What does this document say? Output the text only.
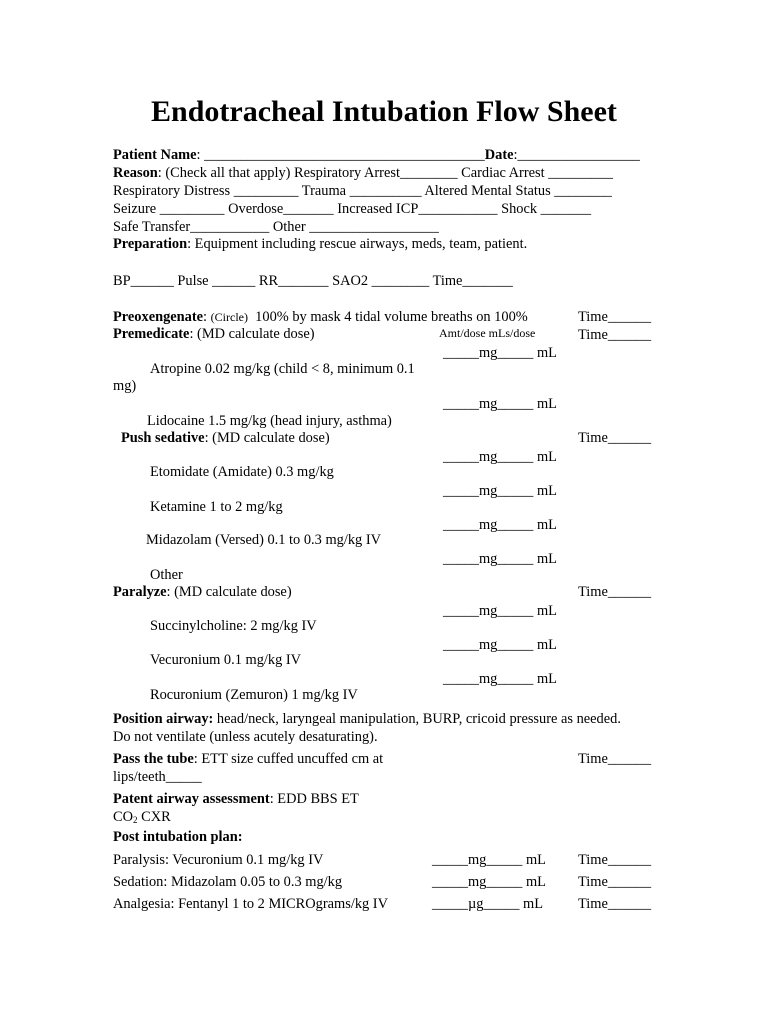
Endotracheal Intubation Flow Sheet
Patient Name: _______________________________________Date:_________________
Reason: (Check all that apply) Respiratory Arrest________ Cardiac Arrest _________
Respiratory Distress _________ Trauma __________ Altered Mental Status ________
Seizure _________ Overdose_______ Increased ICP___________ Shock _______
Safe Transfer___________ Other __________________
Preparation: Equipment including rescue airways, meds, team, patient.
BP______ Pulse ______ RR_______ SAO2 ________ Time_______
Preoxengenate: (Circle) 100% by mask 4 tidal volume breaths on 100%	Time______
Premedicate: (MD calculate dose)	Amt/dose mLs/dose	Time______
_____mg_____ mL
Atropine 0.02 mg/kg (child < 8, minimum 0.1
mg)
_____mg_____ mL
Lidocaine 1.5 mg/kg (head injury, asthma)
Push sedative: (MD calculate dose)	Time______
_____mg_____ mL
Etomidate (Amidate) 0.3 mg/kg
_____mg_____ mL
Ketamine 1 to 2 mg/kg
_____mg_____ mL
Midazolam (Versed) 0.1 to 0.3 mg/kg IV
_____mg_____ mL
Other
Paralyze: (MD calculate dose)	Time______
_____mg_____ mL
Succinylcholine: 2 mg/kg IV
_____mg_____ mL
Vecuronium 0.1 mg/kg IV
_____mg_____ mL
Rocuronium (Zemuron) 1 mg/kg IV
Position airway: head/neck, laryngeal manipulation, BURP, cricoid pressure as needed.
Do not ventilate (unless acutely desaturating).
Pass the tube: ETT size cuffed uncuffed cm at	Time______
lips/teeth_____
Patent airway assessment: EDD BBS ET
$CO_2$ CXR
Post intubation plan:
Paralysis: Vecuronium 0.1 mg/kg IV	_____mg_____ mL Time______
Sedation: Midazolam 0.05 to 0.3 mg/kg	_____mg_____ mL Time______
Analgesia: Fentanyl 1 to 2 MICROgrams/kg IV	_____µg_____ mL Time______
